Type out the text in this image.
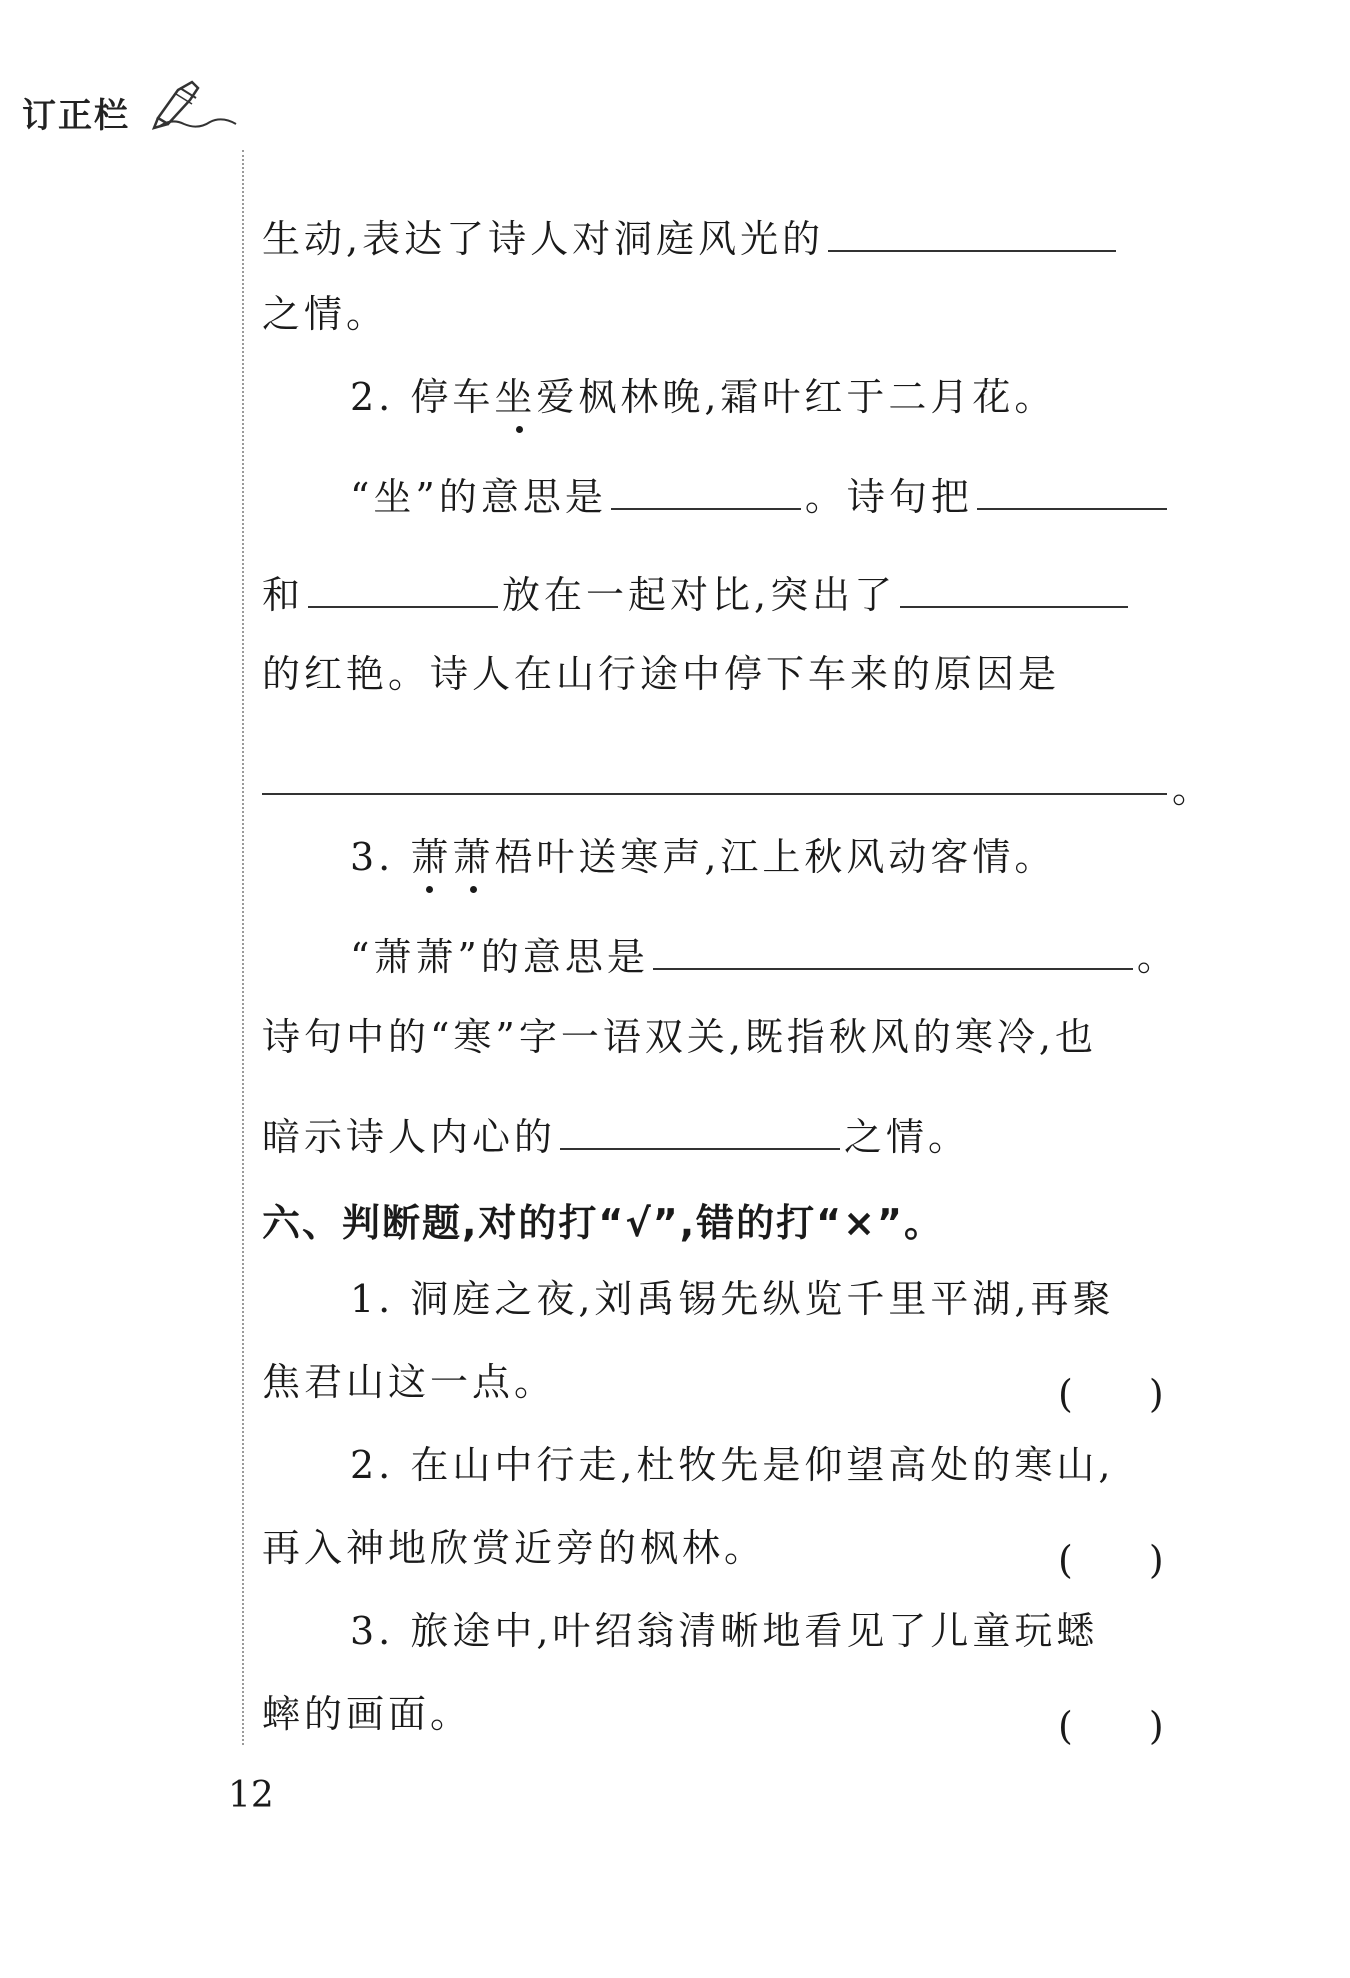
订正栏
生动,表达了诗人对洞庭风光的
之情。
2. 停车坐爱枫林晚,霜叶红于二月花。
“坐”的意思是	。诗句把
和	放在一起对比,突出了
的红艳。诗人在山行途中停下车来的原因是
。
3. 萧萧梧叶送寒声,江上秋风动客情。
“萧萧”的意思是	。
诗句中的“寒”字一语双关,既指秋风的寒冷,也
暗示诗人内心的	之情。
六、判断题,对的打“√”,错的打“×”。
1. 洞庭之夜,刘禹锡先纵览千里平湖,再聚
焦君山这一点。	(　　)
2. 在山中行走,杜牧先是仰望高处的寒山,
再入神地欣赏近旁的枫林。	(　　)
3. 旅途中,叶绍翁清晰地看见了儿童玩蟋
蟀的画面。	(　　)
12
